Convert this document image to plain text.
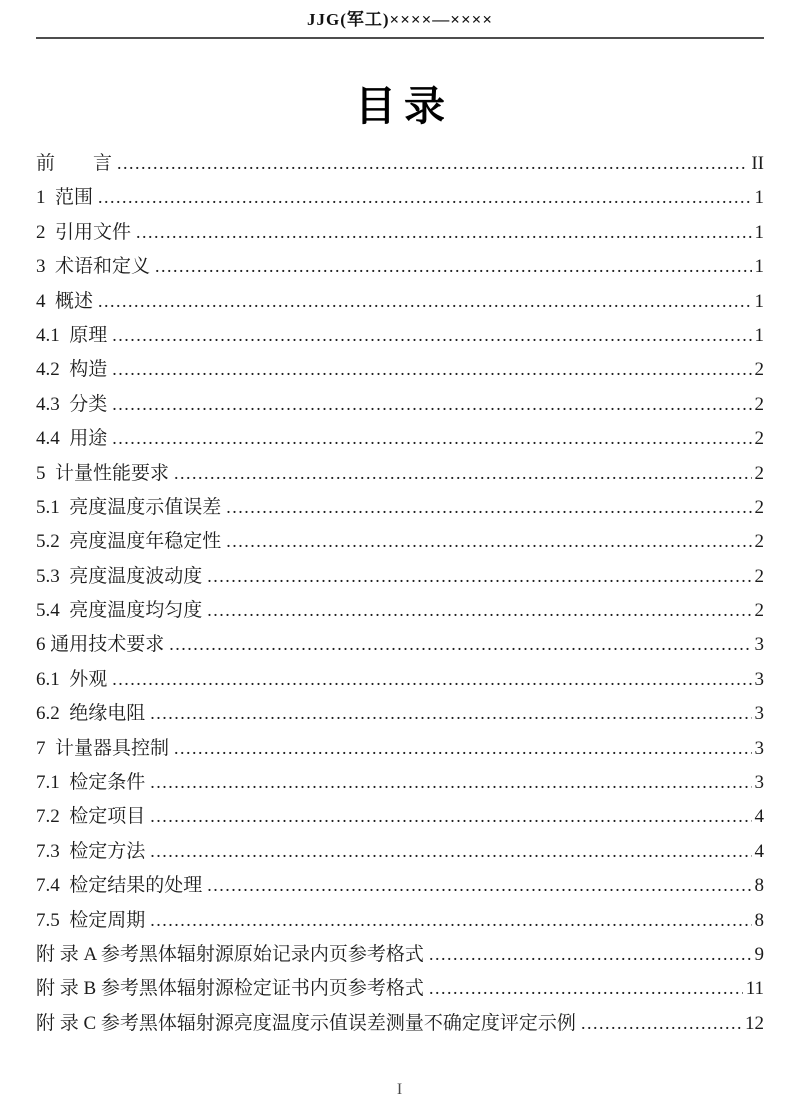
JJG(军工)××××—××××
目录
前　　言 .....	II
1  范围 .....	1
2  引用文件 .....	1
3  术语和定义 .....	1
4  概述 .....	1
4.1  原理 .....	1
4.2  构造 .....	2
4.3  分类 .....	2
4.4  用途 .....	2
5  计量性能要求 .....	2
5.1  亮度温度示值误差 .....	2
5.2  亮度温度年稳定性 .....	2
5.3  亮度温度波动度 .....	2
5.4  亮度温度均匀度 .....	2
6 通用技术要求 .....	3
6.1  外观 .....	3
6.2  绝缘电阻 .....	3
7  计量器具控制 .....	3
7.1  检定条件 .....	3
7.2  检定项目 .....	4
7.3  检定方法 .....	4
7.4  检定结果的处理 .....	8
7.5  检定周期 .....	8
附 录 A 参考黑体辐射源原始记录内页参考格式 .....	9
附 录 B 参考黑体辐射源检定证书内页参考格式 .....	11
附 录 C 参考黑体辐射源亮度温度示值误差测量不确定度评定示例 .....	12
I
